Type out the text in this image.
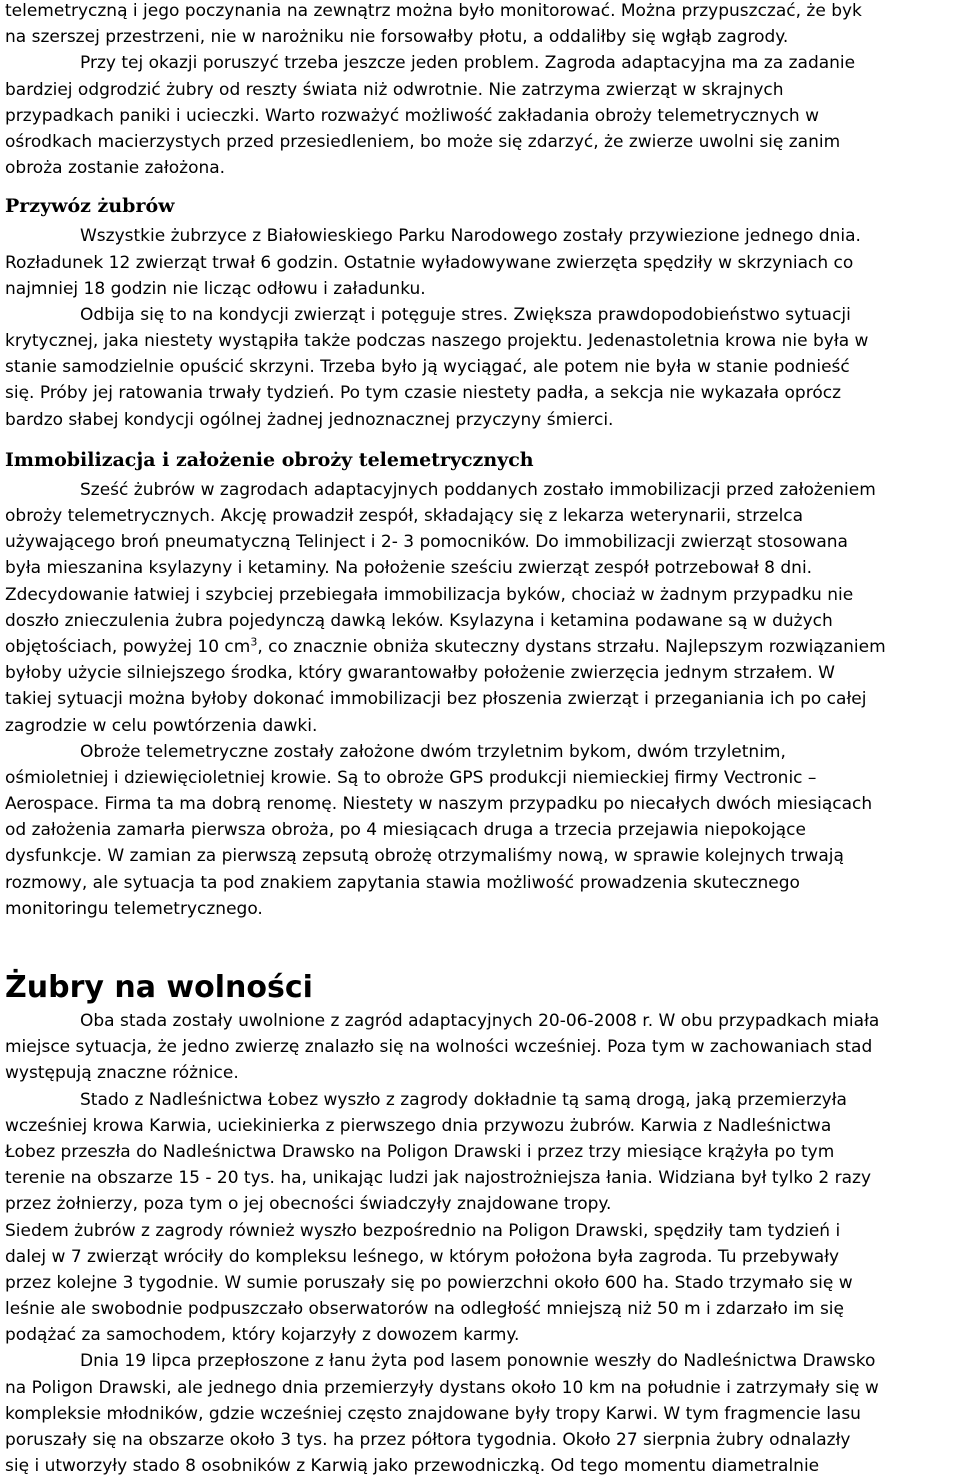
telemetryczną i jego poczynania na zewnątrz można było monitorować. Można przypuszczać, że byk
na szerszej przestrzeni, nie w narożniku nie forsowałby płotu, a oddaliłby się wgłąb zagrody.
Przy tej okazji poruszyć trzeba jeszcze jeden problem. Zagroda adaptacyjna ma za zadanie
bardziej odgrodzić żubry od reszty świata niż odwrotnie. Nie zatrzyma zwierząt w skrajnych
przypadkach paniki i ucieczki. Warto rozważyć możliwość zakładania obroży telemetrycznych w
ośrodkach macierzystych przed przesiedleniem, bo może się zdarzyć, że zwierze uwolni się zanim
obroża zostanie założona.
Przywóz żubrów
Wszystkie żubrzyce z Białowieskiego Parku Narodowego zostały przywiezione jednego dnia.
Rozładunek 12 zwierząt trwał 6 godzin. Ostatnie wyładowywane zwierzęta spędziły w skrzyniach co
najmniej 18 godzin nie licząc odłowu i załadunku.
Odbija się to na kondycji zwierząt i potęguje stres. Zwiększa prawdopodobieństwo sytuacji
krytycznej, jaka niestety wystąpiła także podczas naszego projektu. Jedenastoletnia krowa nie była w
stanie samodzielnie opuścić skrzyni. Trzeba było ją wyciągać, ale potem nie była w stanie podnieść
się. Próby jej ratowania trwały tydzień. Po tym czasie niestety padła, a sekcja nie wykazała oprócz
bardzo słabej kondycji ogólnej żadnej jednoznacznej przyczyny śmierci.
Immobilizacja i założenie obroży telemetrycznych
Sześć żubrów w zagrodach adaptacyjnych poddanych zostało immobilizacji przed założeniem
obroży telemetrycznych. Akcję prowadził zespół, składający się z lekarza weterynarii, strzelca
używającego broń pneumatyczną Telinject i 2- 3 pomocników. Do immobilizacji zwierząt stosowana
była mieszanina ksylazyny i ketaminy. Na położenie sześciu zwierząt zespół potrzebował 8 dni.
Zdecydowanie łatwiej i szybciej przebiegała immobilizacja byków, chociaż w żadnym przypadku nie
doszło znieczulenia żubra pojedynczą dawką leków. Ksylazyna i ketamina podawane są w dużych
objętościach, powyżej 10 $cm^3$, co znacznie obniża skuteczny dystans strzału. Najlepszym rozwiązaniem
byłoby użycie silniejszego środka, który gwarantowałby położenie zwierzęcia jednym strzałem. W
takiej sytuacji można byłoby dokonać immobilizacji bez płoszenia zwierząt i przeganiania ich po całej
zagrodzie w celu powtórzenia dawki.
Obroże telemetryczne zostały założone dwóm trzyletnim bykom, dwóm trzyletnim,
ośmioletniej i dziewięcioletniej krowie. Są to obroże GPS produkcji niemieckiej firmy Vectronic –
Aerospace. Firma ta ma dobrą renomę. Niestety w naszym przypadku po niecałych dwóch miesiącach
od założenia zamarła pierwsza obroża, po 4 miesiącach druga a trzecia przejawia niepokojące
dysfunkcje. W zamian za pierwszą zepsutą obrożę otrzymaliśmy nową, w sprawie kolejnych trwają
rozmowy, ale sytuacja ta pod znakiem zapytania stawia możliwość prowadzenia skutecznego
monitoringu telemetrycznego.
Żubry na wolności
Oba stada zostały uwolnione z zagród adaptacyjnych 20-06-2008 r. W obu przypadkach miała
miejsce sytuacja, że jedno zwierzę znalazło się na wolności wcześniej. Poza tym w zachowaniach stad
występują znaczne różnice.
Stado z Nadleśnictwa Łobez wyszło z zagrody dokładnie tą samą drogą, jaką przemierzyła
wcześniej krowa Karwia, uciekinierka z pierwszego dnia przywozu żubrów. Karwia z Nadleśnictwa
Łobez przeszła do Nadleśnictwa Drawsko na Poligon Drawski i przez trzy miesiące krążyła po tym
terenie na obszarze 15 - 20 tys. ha, unikając ludzi jak najostrożniejsza łania. Widziana był tylko 2 razy
przez żołnierzy, poza tym o jej obecności świadczyły znajdowane tropy.
Siedem żubrów z zagrody również wyszło bezpośrednio na Poligon Drawski, spędziły tam tydzień i
dalej w 7 zwierząt wróciły do kompleksu leśnego, w którym położona była zagroda. Tu przebywały
przez kolejne 3 tygodnie. W sumie poruszały się po powierzchni około 600 ha. Stado trzymało się w
leśnie ale swobodnie podpuszczało obserwatorów na odległość mniejszą niż 50 m i zdarzało im się
podążać za samochodem, który kojarzyły z dowozem karmy.
Dnia 19 lipca przepłoszone z łanu żyta pod lasem ponownie weszły do Nadleśnictwa Drawsko
na Poligon Drawski, ale jednego dnia przemierzyły dystans około 10 km na południe i zatrzymały się w
kompleksie młodników, gdzie wcześniej często znajdowane były tropy Karwi. W tym fragmencie lasu
poruszały się na obszarze około 3 tys. ha przez półtora tygodnia. Około 27 sierpnia żubry odnalazły
się i utworzyły stado 8 osobników z Karwią jako przewodniczką. Od tego momentu diametralnie
